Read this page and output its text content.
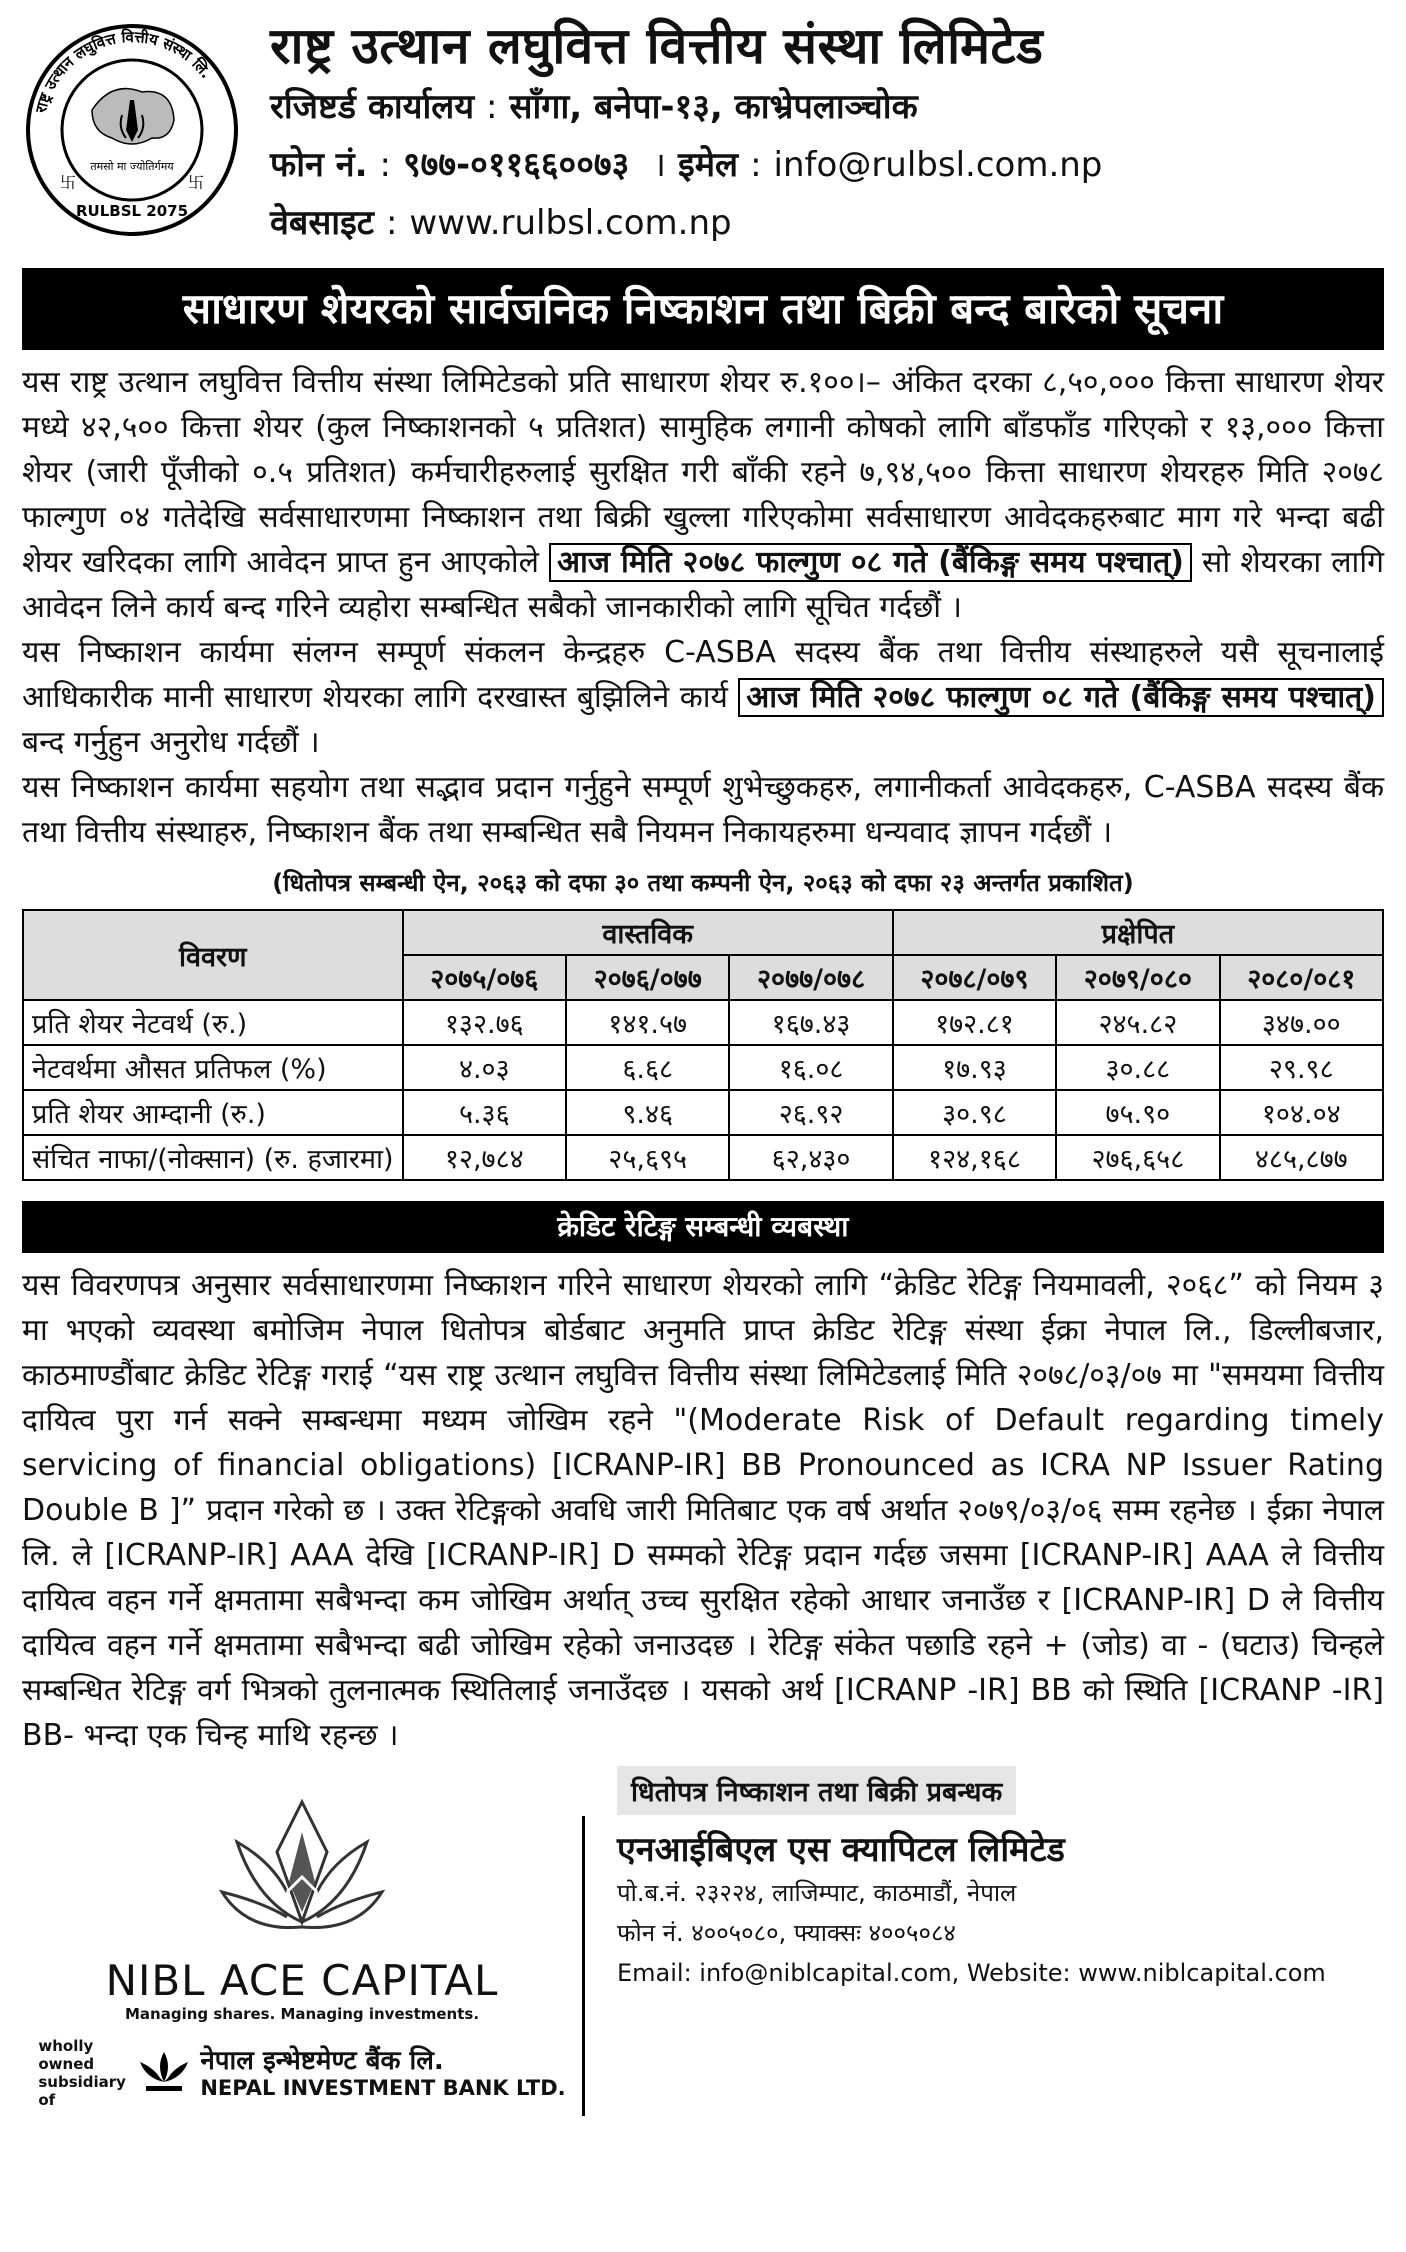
राष्ट्र उत्थान लघुवित्त वित्तीय संस्था लि.
तमसो मा ज्योतिर्गमय
RULBSL 2075
卐	卐
राष्ट्र उत्थान लघुवित्त वित्तीय संस्था लिमिटेड
रजिष्टर्ड कार्यालय : साँगा, बनेपा-१३, काभ्रेपलाञ्चोक
फोन नं. : ९७७-०११६६००७३ । इमेल : info@rulbsl.com.np
वेबसाइट : www.rulbsl.com.np
साधारण शेयरको सार्वजनिक निष्काशन तथा बिक्री बन्द बारेको सूचना

यस राष्ट्र उत्थान लघुवित्त वित्तीय संस्था लिमिटेडको प्रति साधारण शेयर रु.१००।– अंकित दरका ८,५०,००० कित्ता साधारण शेयर मध्ये ४२,५०० कित्ता शेयर (कुल निष्काशनको ५ प्रतिशत) सामुहिक लगानी कोषको लागि बाँडफाँड गरिएको र १३,००० कित्ता शेयर (जारी पूँजीको ०.५ प्रतिशत) कर्मचारीहरुलाई सुरक्षित गरी बाँकी रहने ७,९४,५०० कित्ता साधारण शेयरहरु मिति २०७८ फाल्गुण ०४ गतेदेखि सर्वसाधारणमा निष्काशन तथा बिक्री खुल्ला गरिएकोमा सर्वसाधारण आवेदकहरुबाट माग गरे भन्दा बढी शेयर खरिदका लागि आवेदन प्राप्त हुन आएकोले आज मिति २०७८ फाल्गुण ०८ गते (बैंकिङ्ग समय पश्चात्) सो शेयरका लागि आवेदन लिने कार्य बन्द गरिने व्यहोरा सम्बन्धित सबैको जानकारीको लागि सूचित गर्दछौं ।

यस निष्काशन कार्यमा संलग्न सम्पूर्ण संकलन केन्द्रहरु C-ASBA सदस्य बैंक तथा वित्तीय संस्थाहरुले यसै सूचनालाई आधिकारीक मानी साधारण शेयरका लागि दरखास्त बुझिलिने कार्य आज मिति २०७८ फाल्गुण ०८ गते (बैंकिङ्ग समय पश्चात्) बन्द गर्नुहुन अनुरोध गर्दछौं ।

यस निष्काशन कार्यमा सहयोग तथा सद्भाव प्रदान गर्नुहुने सम्पूर्ण शुभेच्छुकहरु, लगानीकर्ता आवेदकहरु, C-ASBA सदस्य बैंक तथा वित्तीय संस्थाहरु, निष्काशन बैंक तथा सम्बन्धित सबै नियमन निकायहरुमा धन्यवाद ज्ञापन गर्दछौं ।

(धितोपत्र सम्बन्धी ऐन, २०६३ को दफा ३० तथा कम्पनी ऐन, २०६३ को दफा २३ अन्तर्गत प्रकाशित)
विवरण	वास्तविक			प्रक्षेपित		
	२०७५/०७६	२०७६/०७७	२०७७/०७८	२०७८/०७९	२०७९/०८०	२०८०/०८१
प्रति शेयर नेटवर्थ (रु.)	१३२.७६	१४१.५७	१६७.४३	१७२.८१	२४५.८२	३४७.००
नेटवर्थमा औसत प्रतिफल (%)	४.०३	६.६८	१६.०८	१७.९३	३०.८८	२९.९८
प्रति शेयर आम्दानी (रु.)	५.३६	९.४६	२६.९२	३०.९८	७५.९०	१०४.०४
संचित नाफा/(नोक्सान) (रु. हजारमा)	१२,७८४	२५,६९५	६२,४३०	१२४,१६८	२७६,६५८	४८५,८७७
क्रेडिट रेटिङ्ग सम्बन्धी व्यबस्था
यस विवरणपत्र अनुसार सर्वसाधारणमा निष्काशन गरिने साधारण शेयरको लागि “क्रेडिट रेटिङ्ग नियमावली, २०६८” को नियम ३ मा भएको व्यवस्था बमोजिम नेपाल धितोपत्र बोर्डबाट अनुमति प्राप्त क्रेडिट रेटिङ्ग संस्था ईक्रा नेपाल लि., डिल्लीबजार, काठमाण्डौंबाट क्रेडिट रेटिङ्ग गराई “यस राष्ट्र उत्थान लघुवित्त वित्तीय संस्था लिमिटेडलाई मिति २०७८/०३/०७ मा "समयमा वित्तीय दायित्व पुरा गर्न सक्ने सम्बन्धमा मध्यम जोखिम रहने "(Moderate Risk of Default regarding timely servicing of financial obligations) [ICRANP-IR] BB Pronounced as ICRA NP Issuer Rating Double B ]” प्रदान गरेको छ । उक्त रेटिङ्गको अवधि जारी मितिबाट एक वर्ष अर्थात २०७९/०३/०६ सम्म रहनेछ । ईक्रा नेपाल लि. ले [ICRANP-IR] AAA देखि [ICRANP-IR] D सम्मको रेटिङ्ग प्रदान गर्दछ जसमा [ICRANP-IR] AAA ले वित्तीय दायित्व वहन गर्ने क्षमतामा सबैभन्दा कम जोखिम अर्थात् उच्च सुरक्षित रहेको आधार जनाउँछ र [ICRANP-IR] D ले वित्तीय दायित्व वहन गर्ने क्षमतामा सबैभन्दा बढी जोखिम रहेको जनाउदछ । रेटिङ्ग संकेत पछाडि रहने + (जोड) वा - (घटाउ) चिन्हले सम्बन्धित रेटिङ्ग वर्ग भित्रको तुलनात्मक स्थितिलाई जनाउँदछ । यसको अर्थ [ICRANP -IR] BB को स्थिति [ICRANP -IR] BB- भन्दा एक चिन्ह माथि रहन्छ ।
NIBL ACE CAPITAL
Managing shares. Managing investments.
wholly owned subsidiary of
नेपाल इन्भेष्टमेण्ट बैंक लि.
NEPAL INVESTMENT BANK LTD.
धितोपत्र निष्काशन तथा बिक्री प्रबन्धक
एनआईबिएल एस क्यापिटल लिमिटेड
पो.ब.नं. २३२२४, लाजिम्पाट, काठमाडौं, नेपाल
फोन नं. ४००५०८०, फ्याक्सः ४००५०८४
Email: info@niblcapital.com, Website: www.niblcapital.com
